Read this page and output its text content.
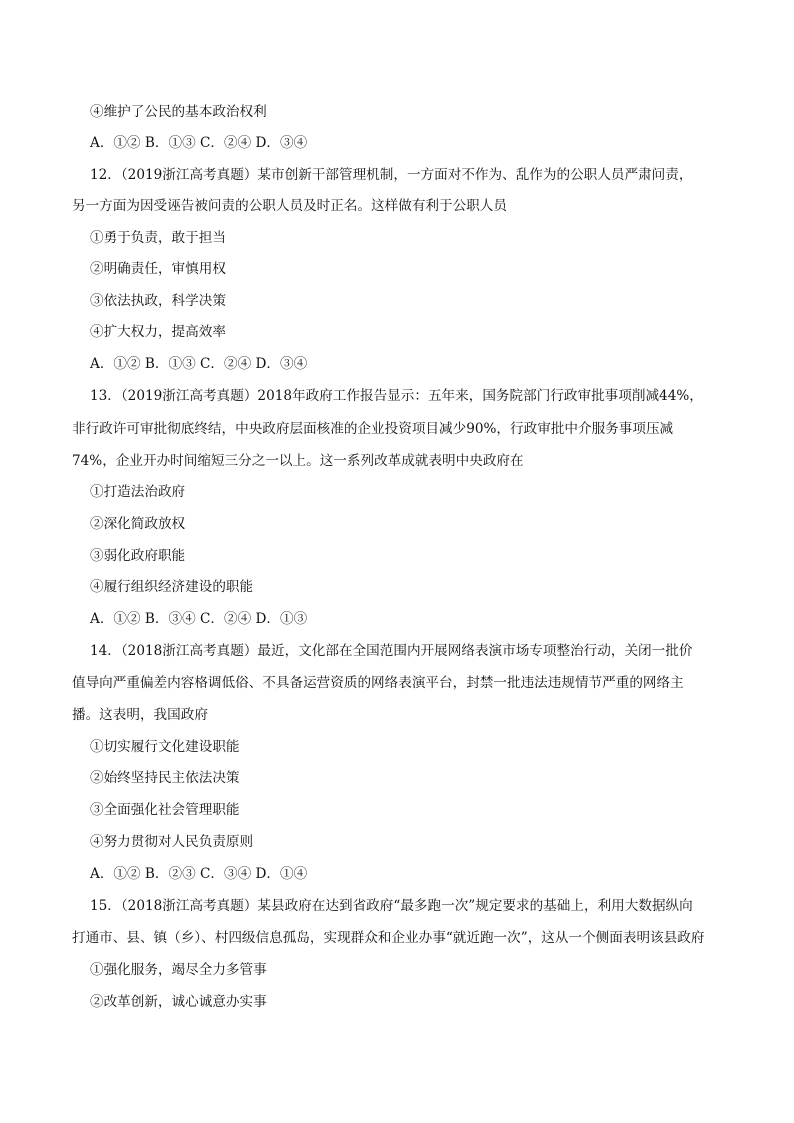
④维护了公民的基本政治权利
A．①② B．①③ C．②④ D．③④
12．（2019浙江高考真题）某市创新干部管理机制，一方面对不作为、乱作为的公职人员严肃问责，
另一方面为因受诬告被问责的公职人员及时正名。这样做有利于公职人员
①勇于负责，敢于担当
②明确责任，审慎用权
③依法执政，科学决策
④扩大权力，提高效率
A．①② B．①③ C．②④ D．③④
13．（2019浙江高考真题）2018年政府工作报告显示：五年来，国务院部门行政审批事项削减44%，
非行政许可审批彻底终结，中央政府层面核准的企业投资项目减少90%，行政审批中介服务事项压减
74%，企业开办时间缩短三分之一以上。这一系列改革成就表明中央政府在
①打造法治政府
②深化简政放权
③弱化政府职能
④履行组织经济建设的职能
A．①② B．③④ C．②④ D．①③
14．（2018浙江高考真题）最近，文化部在全国范围内开展网络表演市场专项整治行动，关闭一批价
值导向严重偏差内容格调低俗、不具备运营资质的网络表演平台，封禁一批违法违规情节严重的网络主
播。这表明，我国政府
①切实履行文化建设职能
②始终坚持民主依法决策
③全面强化社会管理职能
④努力贯彻对人民负责原则
A．①② B．②③ C．③④ D．①④
15．（2018浙江高考真题）某县政府在达到省政府“最多跑一次”规定要求的基础上，利用大数据纵向
打通市、县、镇（乡）、村四级信息孤岛，实现群众和企业办事“就近跑一次”，这从一个侧面表明该县政府
①强化服务，竭尽全力多管事
②改革创新，诚心诚意办实事
